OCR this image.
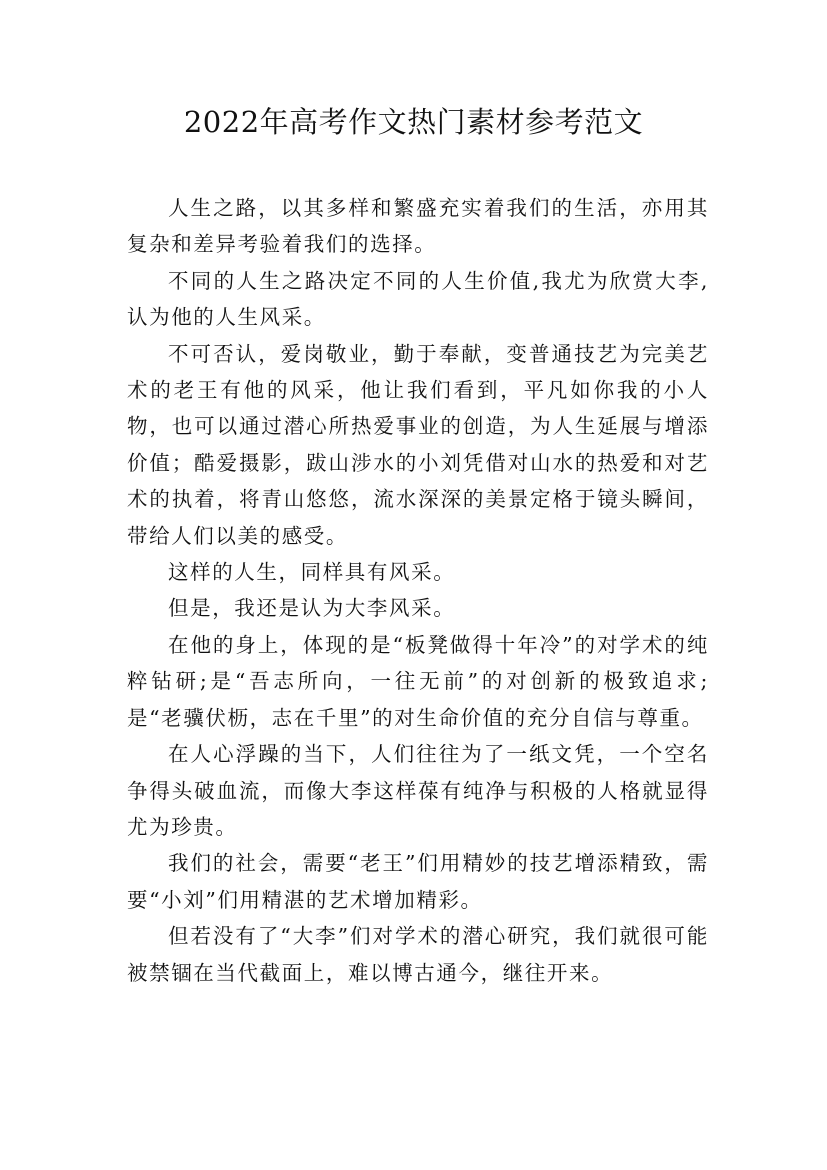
2022年高考作文热门素材参考范文

人生之路，以其多样和繁盛充实着我们的生活，亦用其复杂和差异考验着我们的选择。

不同的人生之路决定不同的人生价值,我尤为欣赏大李,认为他的人生风采。

不可否认，爱岗敬业，勤于奉献，变普通技艺为完美艺术的老王有他的风采，他让我们看到，平凡如你我的小人物，也可以通过潜心所热爱事业的创造，为人生延展与增添价值；酷爱摄影，跋山涉水的小刘凭借对山水的热爱和对艺术的执着，将青山悠悠，流水深深的美景定格于镜头瞬间，带给人们以美的感受。

这样的人生，同样具有风采。

但是，我还是认为大李风采。

在他的身上，体现的是“板凳做得十年冷”的对学术的纯粹钻研;是“吾志所向，一往无前”的对创新的极致追求;是“老骥伏枥，志在千里”的对生命价值的充分自信与尊重。

在人心浮躁的当下，人们往往为了一纸文凭，一个空名争得头破血流，而像大李这样葆有纯净与积极的人格就显得尤为珍贵。

我们的社会，需要“老王”们用精妙的技艺增添精致，需要“小刘”们用精湛的艺术增加精彩。

但若没有了“大李”们对学术的潜心研究，我们就很可能被禁锢在当代截面上，难以博古通今，继往开来。
